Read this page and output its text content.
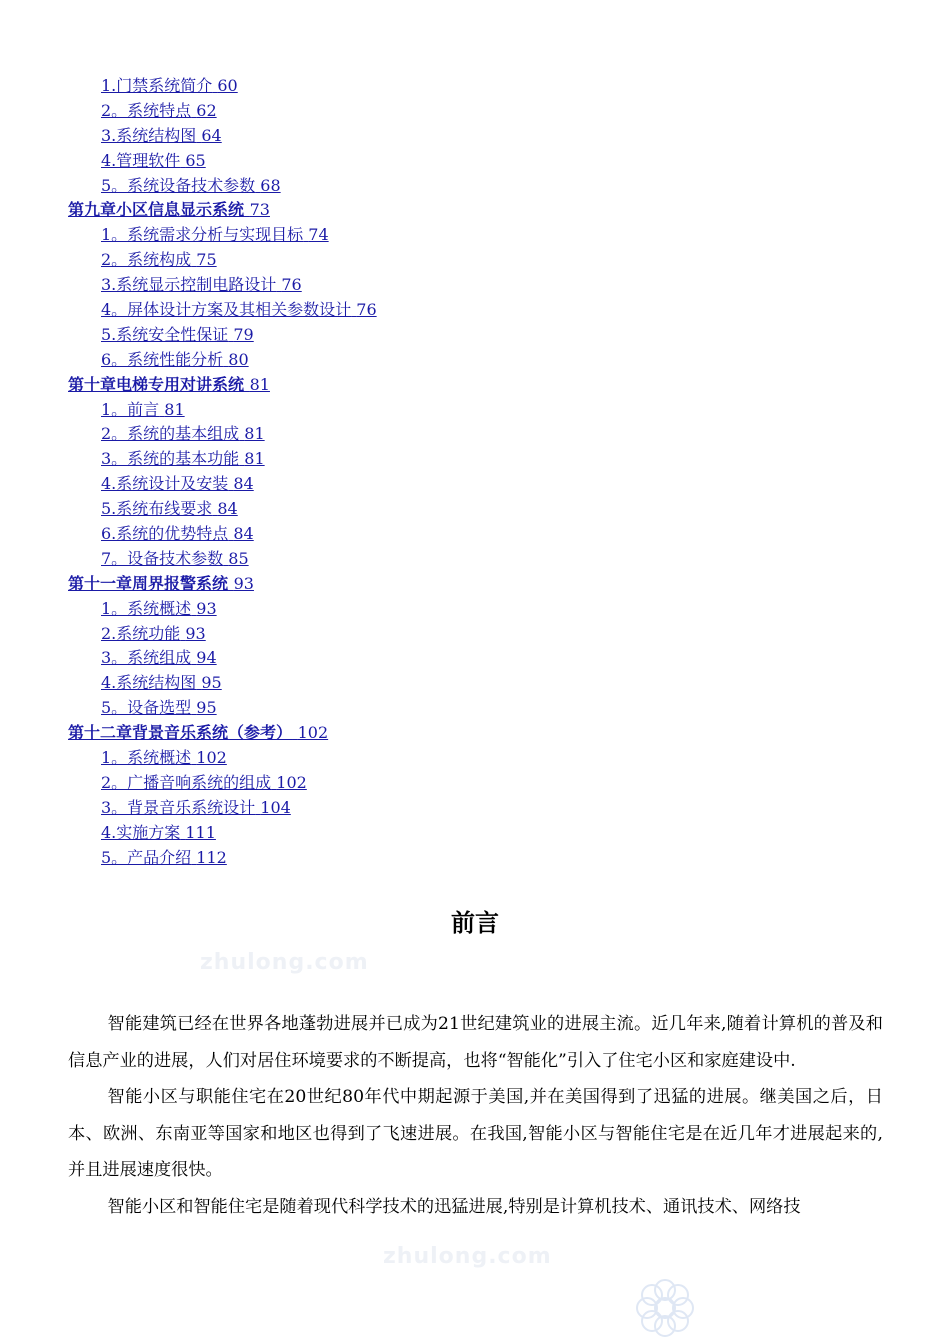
1.门禁系统简介 60
2。系统特点 62
3.系统结构图 64
4.管理软件 65
5。系统设备技术参数 68
第九章小区信息显示系统 73
1。系统需求分析与实现目标 74
2。系统构成 75
3.系统显示控制电路设计 76
4。屏体设计方案及其相关参数设计 76
5.系统安全性保证 79
6。系统性能分析 80
第十章电梯专用对讲系统 81
1。前言 81
2。系统的基本组成 81
3。系统的基本功能 81
4.系统设计及安装 84
5.系统布线要求 84
6.系统的优势特点 84
7。设备技术参数 85
第十一章周界报警系统 93
1。系统概述 93
2.系统功能 93
3。系统组成 94
4.系统结构图 95
5。设备选型 95
第十二章背景音乐系统（参考） 102
1。系统概述 102
2。广播音响系统的组成 102
3。背景音乐系统设计 104
4.实施方案 111
5。产品介绍 112
zhulong.com
前言

智能建筑已经在世界各地蓬勃进展并已成为21世纪建筑业的进展主流。近几年来,随着计算机的普及和信息产业的进展，人们对居住环境要求的不断提高，也将“智能化”引入了住宅小区和家庭建设中.

智能小区与职能住宅在20世纪80年代中期起源于美国,并在美国得到了迅猛的进展。继美国之后，日本、欧洲、东南亚等国家和地区也得到了飞速进展。在我国,智能小区与智能住宅是在近几年才进展起来的,并且进展速度很快。

智能小区和智能住宅是随着现代科学技术的迅猛进展,特别是计算机技术、通讯技术、网络技

zhulong.com
